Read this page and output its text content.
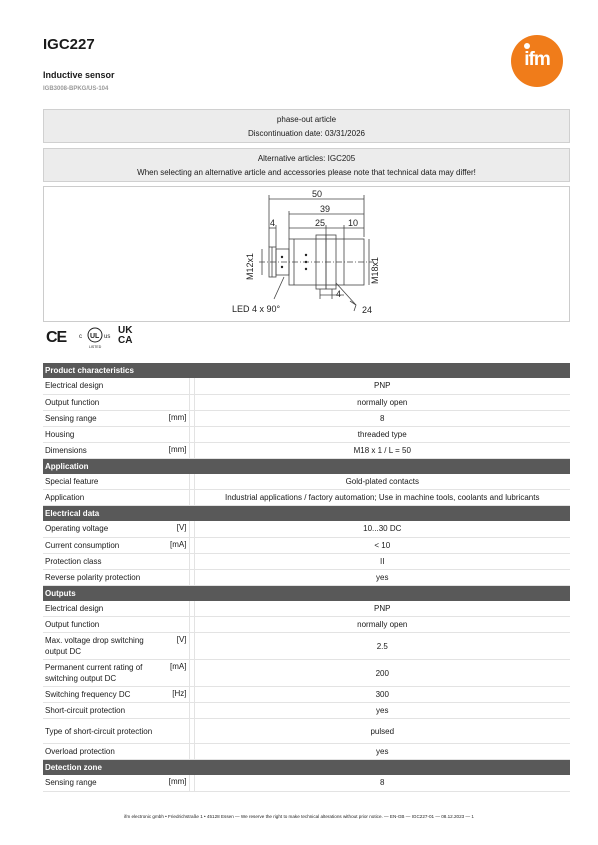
IGC227
Inductive sensor
IGB3008-BPKG/US-104
ifm
phase-out article
Discontinuation date: 03/31/2026
Alternative articles: IGC205
When selecting an alternative article and accessories please note that technical data may differ!
50
39
25	10
4
4
M12x1	M18x1
LED 4 x 90°	24
CE c UL us
LISTED
UK
CA
Product characteristics			
Electrical design			PNP
Output function			normally open
Sensing range	[mm]		8
Housing			threaded type
Dimensions	[mm]		M18 x 1 / L = 50
Application			
Special feature			Gold-plated contacts
Application			Industrial applications / factory automation; Use in machine tools, coolants and lubricants
Electrical data			
Operating voltage	[V]		10...30 DC
Current consumption	[mA]		< 10
Protection class			II
Reverse polarity protection			yes
Outputs			
Electrical design			PNP
Output function			normally open
Max. voltage drop switching output DC	[V]		2.5
Permanent current rating of switching output DC	[mA]		200
Switching frequency DC	[Hz]		300
Short-circuit protection			yes
Type of short-circuit protection			pulsed
Overload protection			yes
Detection zone			
Sensing range	[mm]		8
ifm electronic gmbh • Friedrichstraße 1 • 45128 Essen — We reserve the right to make technical alterations without prior notice. — EN-GB — IGC227-01 — 08.12.2023 — 1
